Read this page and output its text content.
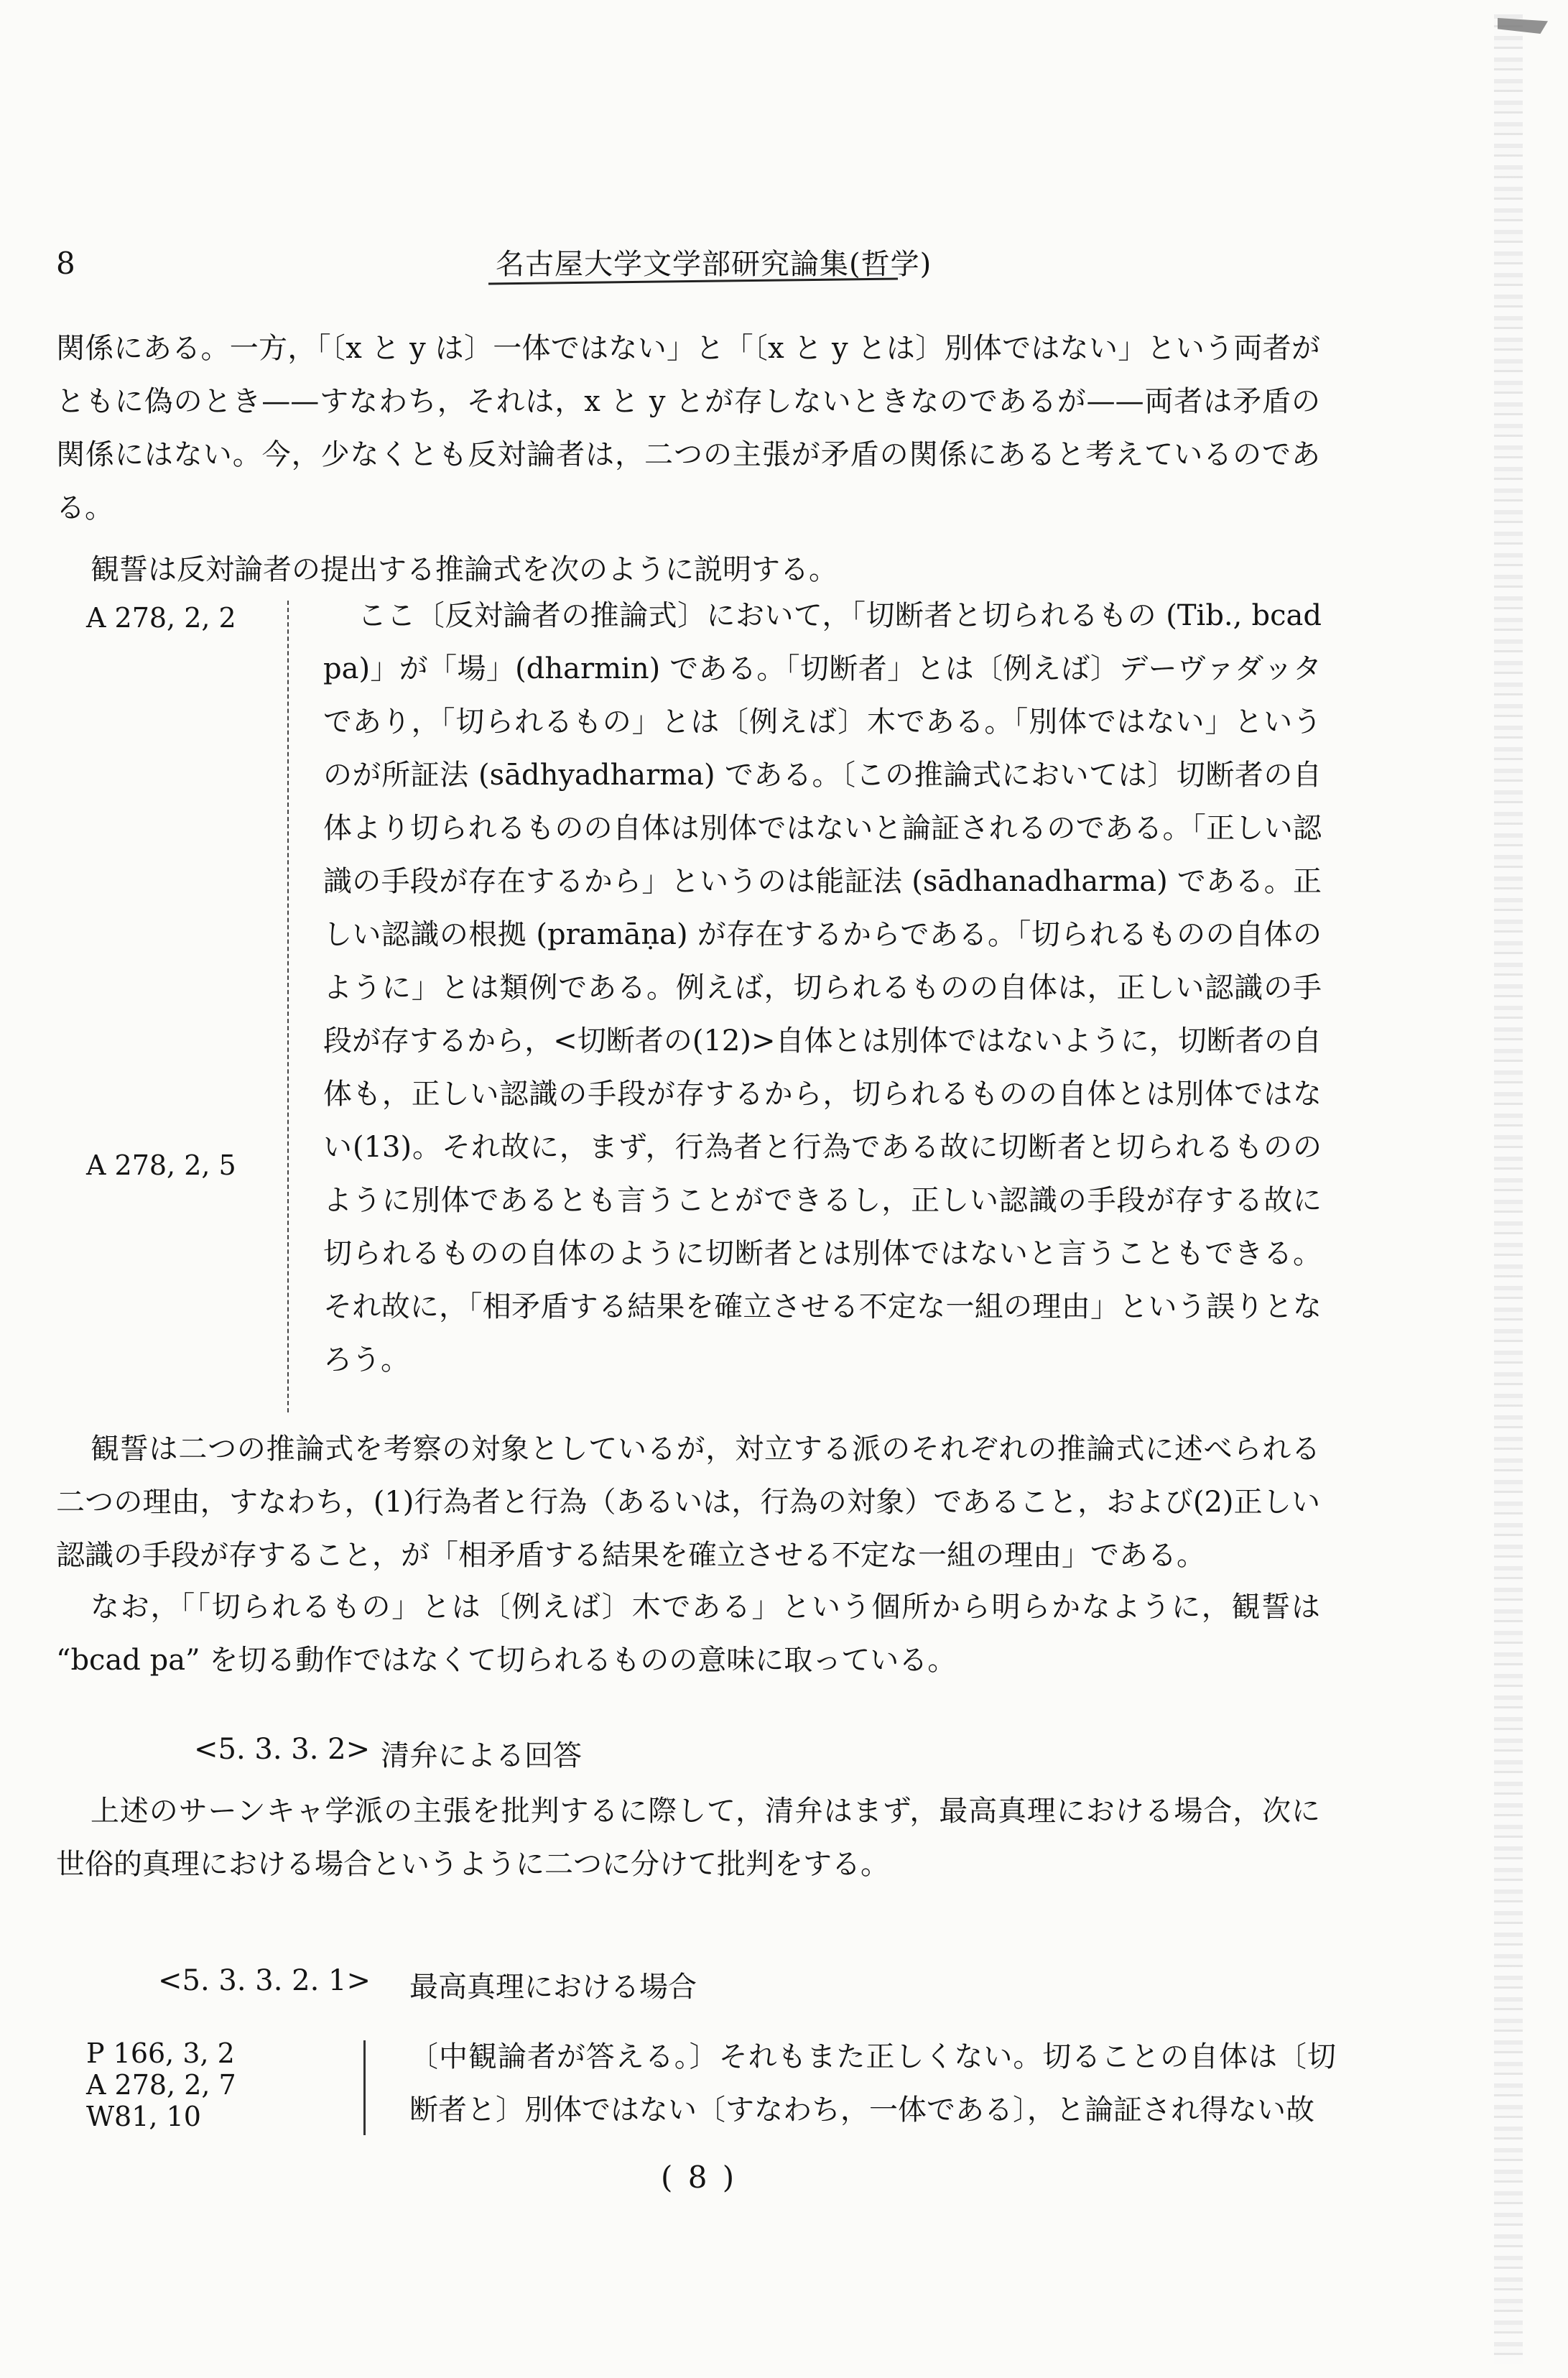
8	名古屋大学文学部研究論集(哲学)
関係にある。一方，「〔x と y は〕一体ではない」と「〔x と y とは〕別体ではない」という両者がともに偽のとき——すなわち，それは，x と y とが存しないときなのであるが——両者は矛盾の関係にはない。今，少なくとも反対論者は，二つの主張が矛盾の関係にあると考えているのである。
観誓は反対論者の提出する推論式を次のように説明する。
A 278, 2, 2
A 278, 2, 5
ここ〔反対論者の推論式〕において，「切断者と切られるもの (Tib., bcad pa)」が「場」(dharmin) である。「切断者」とは〔例えば〕デーヴァダッタであり，「切られるもの」とは〔例えば〕木である。「別体ではない」というのが所証法 (sādhyadharma) である。〔この推論式においては〕切断者の自体より切られるものの自体は別体ではないと論証されるのである。「正しい認識の手段が存在するから」というのは能証法 (sādhanadharma) である。正しい認識の根拠 (pramāṇa) が存在するからである。「切られるものの自体のように」とは類例である。例えば，切られるものの自体は，正しい認識の手段が存するから，<切断者の(12)>自体とは別体ではないように，切断者の自体も，正しい認識の手段が存するから，切られるものの自体とは別体ではない(13)。それ故に，まず，行為者と行為である故に切断者と切られるもののように別体であるとも言うことができるし，正しい認識の手段が存する故に切られるものの自体のように切断者とは別体ではないと言うこともできる。それ故に，「相矛盾する結果を確立させる不定な一組の理由」という誤りとなろう。
観誓は二つの推論式を考察の対象としているが，対立する派のそれぞれの推論式に述べられる二つの理由，すなわち，(1)行為者と行為（あるいは，行為の対象）であること，および(2)正しい認識の手段が存すること，が「相矛盾する結果を確立させる不定な一組の理由」である。
なお，「「切られるもの」とは〔例えば〕木である」という個所から明らかなように，観誓は “bcad pa” を切る動作ではなくて切られるものの意味に取っている。
<5. 3. 3. 2> 清弁による回答
上述のサーンキャ学派の主張を批判するに際して，清弁はまず，最高真理における場合，次に世俗的真理における場合というように二つに分けて批判をする。
<5. 3. 3. 2. 1> 最高真理における場合
P 166, 3, 2
A 278, 2, 7
W81, 10
〔中観論者が答える。〕それもまた正しくない。切ることの自体は〔切断者と〕別体ではない〔すなわち，一体である〕，と論証され得ない故
( 8 )
